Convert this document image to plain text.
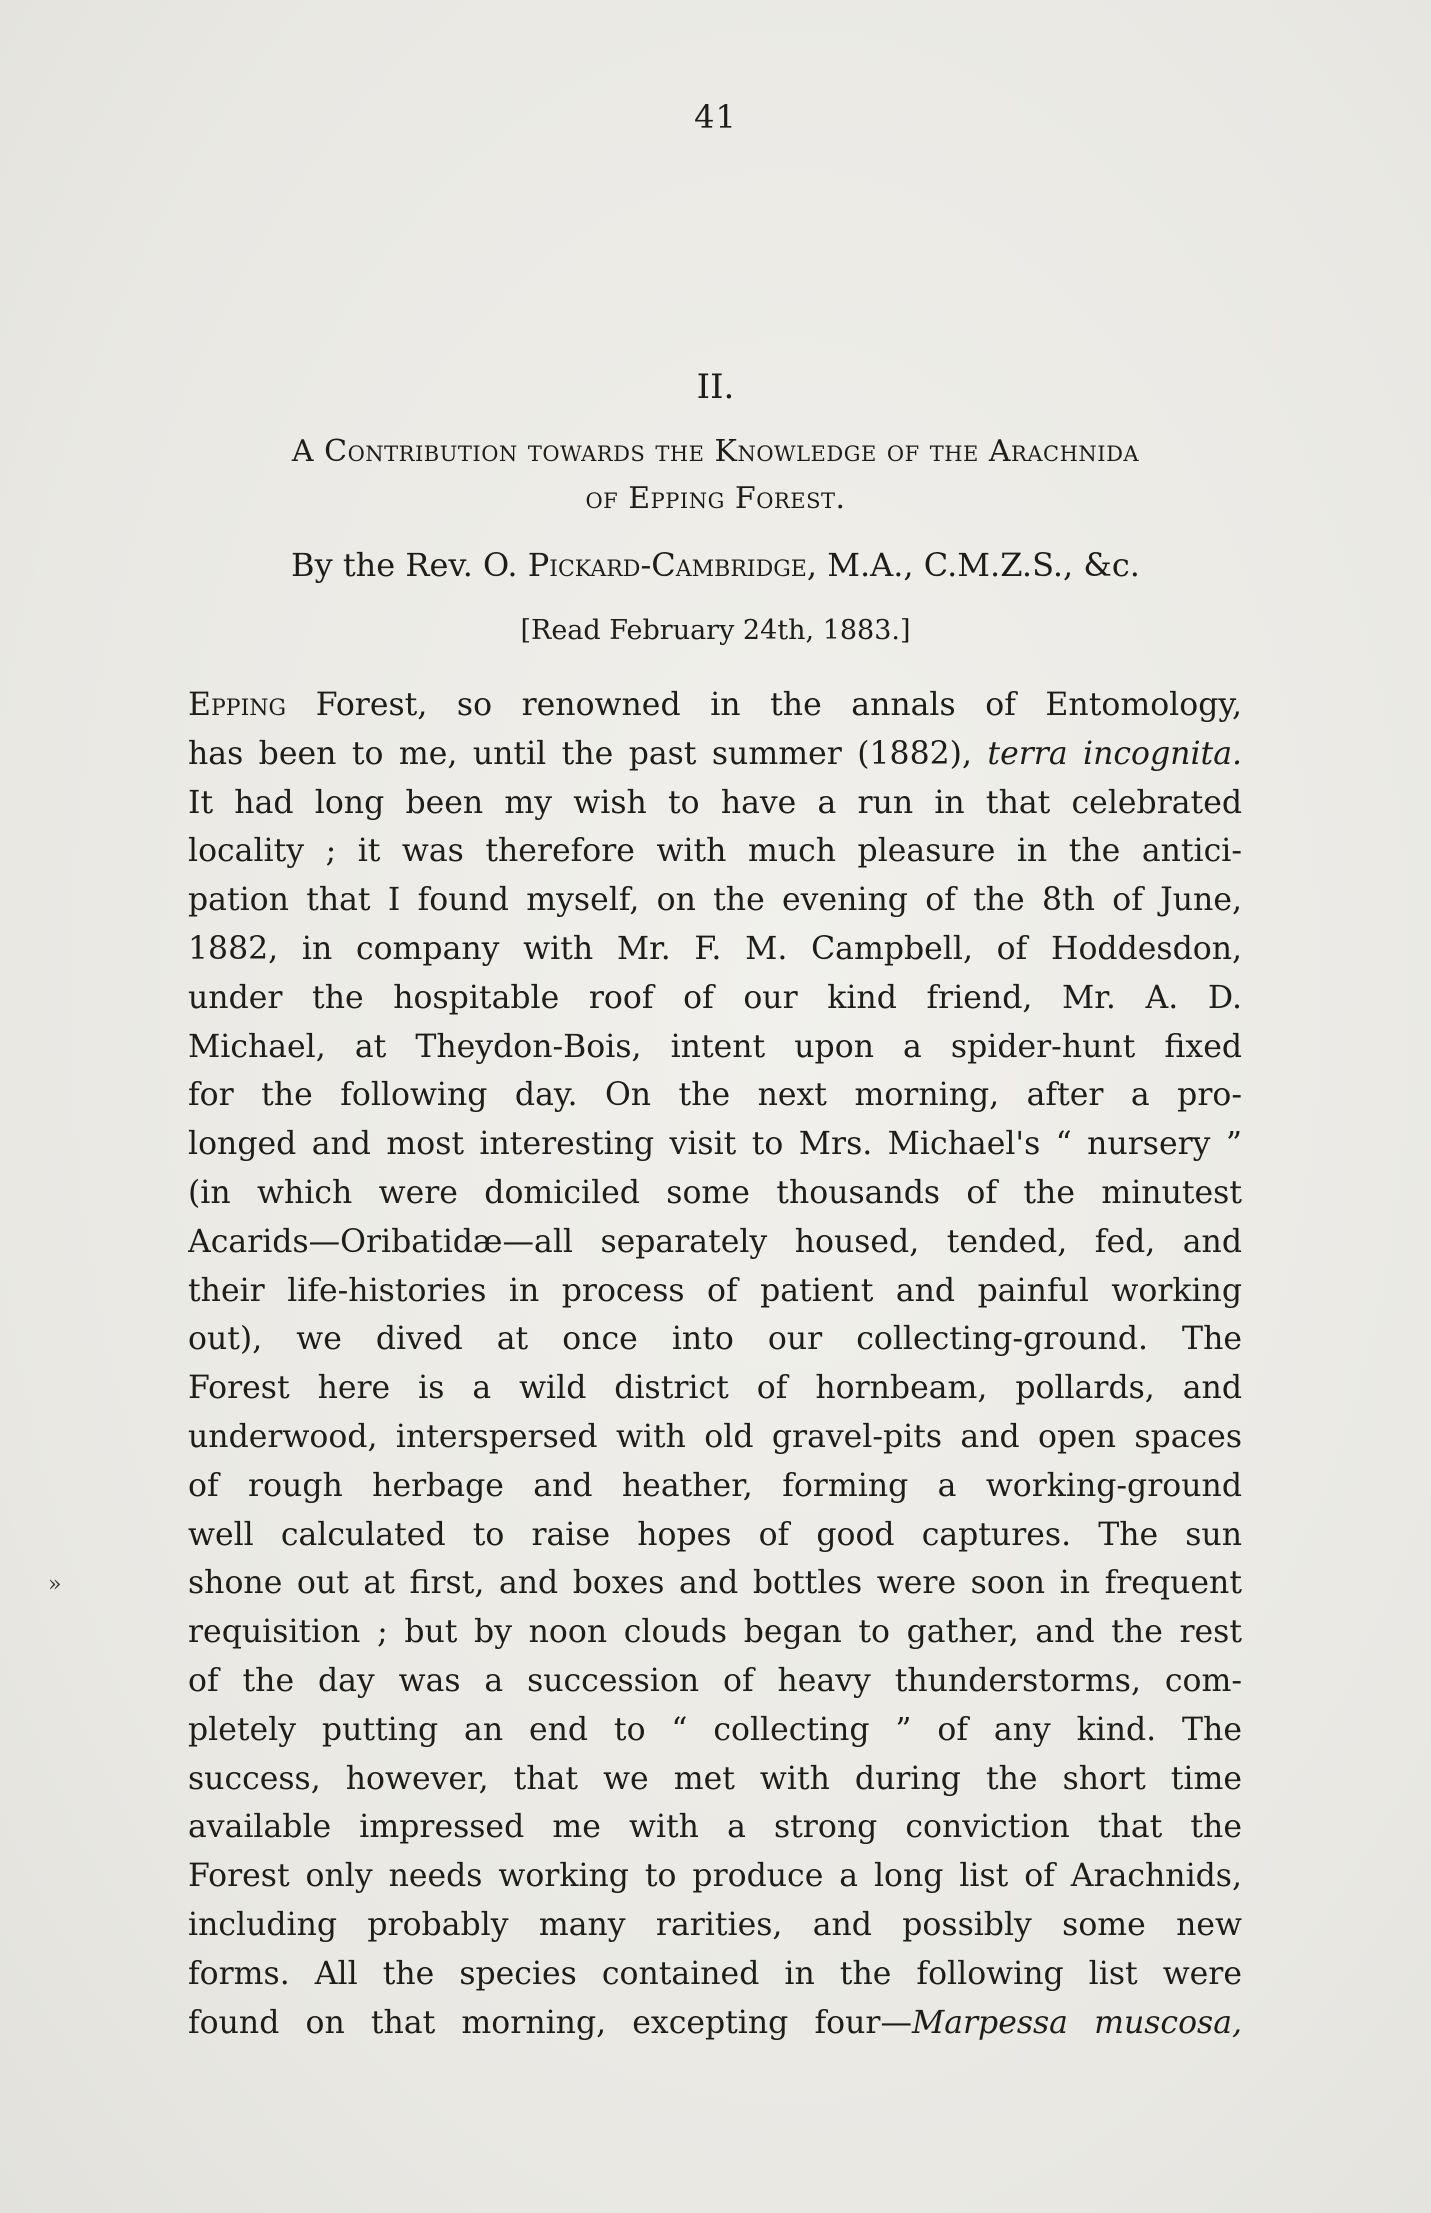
41
II.
A Contribution towards the Knowledge of the Arachnida
of Epping Forest.
By the Rev. O. Pickard-Cambridge, M.A., C.M.Z.S., &c.
[Read February 24th, 1883.]
Epping Forest, so renowned in the annals of Entomology,
has been to me, until the past summer (1882), terra incognita.
It had long been my wish to have a run in that celebrated
locality ; it was therefore with much pleasure in the antici-
pation that I found myself, on the evening of the 8th of June,
1882, in company with Mr. F. M. Campbell, of Hoddesdon,
under the hospitable roof of our kind friend, Mr. A. D.
Michael, at Theydon-Bois, intent upon a spider-hunt fixed
for the following day. On the next morning, after a pro-
longed and most interesting visit to Mrs. Michael's “ nursery ”
(in which were domiciled some thousands of the minutest
Acarids—Oribatidæ—all separately housed, tended, fed, and
their life-histories in process of patient and painful working
out), we dived at once into our collecting-ground. The
Forest here is a wild district of hornbeam, pollards, and
underwood, interspersed with old gravel-pits and open spaces
of rough herbage and heather, forming a working-ground
well calculated to raise hopes of good captures. The sun
shone out at first, and boxes and bottles were soon in frequent
requisition ; but by noon clouds began to gather, and the rest
of the day was a succession of heavy thunderstorms, com-
pletely putting an end to “ collecting ” of any kind. The
success, however, that we met with during the short time
available impressed me with a strong conviction that the
Forest only needs working to produce a long list of Arachnids,
including probably many rarities, and possibly some new
forms. All the species contained in the following list were
found on that morning, excepting four—Marpessa muscosa,
»
